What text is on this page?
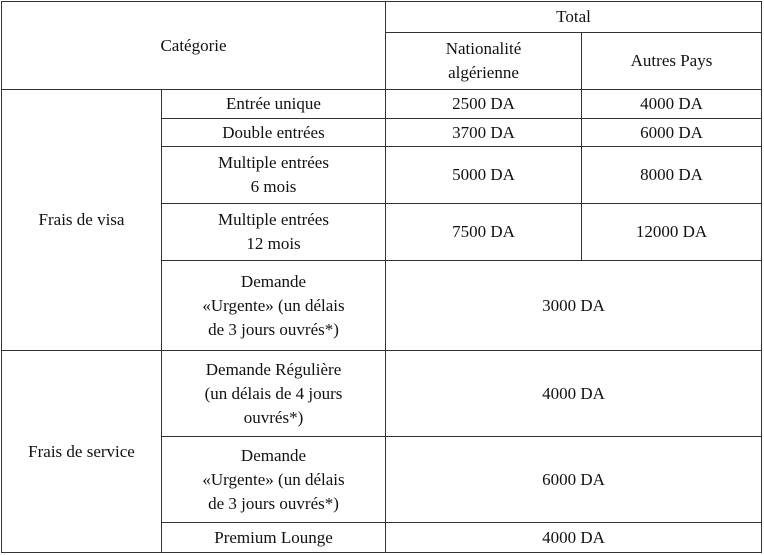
Catégorie		Total	
		Nationalité
algérienne	Autres Pays
Frais de visa	Entrée unique	2500 DA	4000 DA
	Double entrées	3700 DA	6000 DA
	Multiple entrées
6 mois	5000 DA	8000 DA
	Multiple entrées
12 mois	7500 DA	12000 DA
	Demande
«Urgente» (un délais
de 3 jours ouvrés*)	3000 DA	
Frais de service	Demande Régulière
(un délais de 4 jours
ouvrés*)	4000 DA	
	Demande
«Urgente» (un délais
de 3 jours ouvrés*)	6000 DA	
	Premium Lounge	4000 DA	
